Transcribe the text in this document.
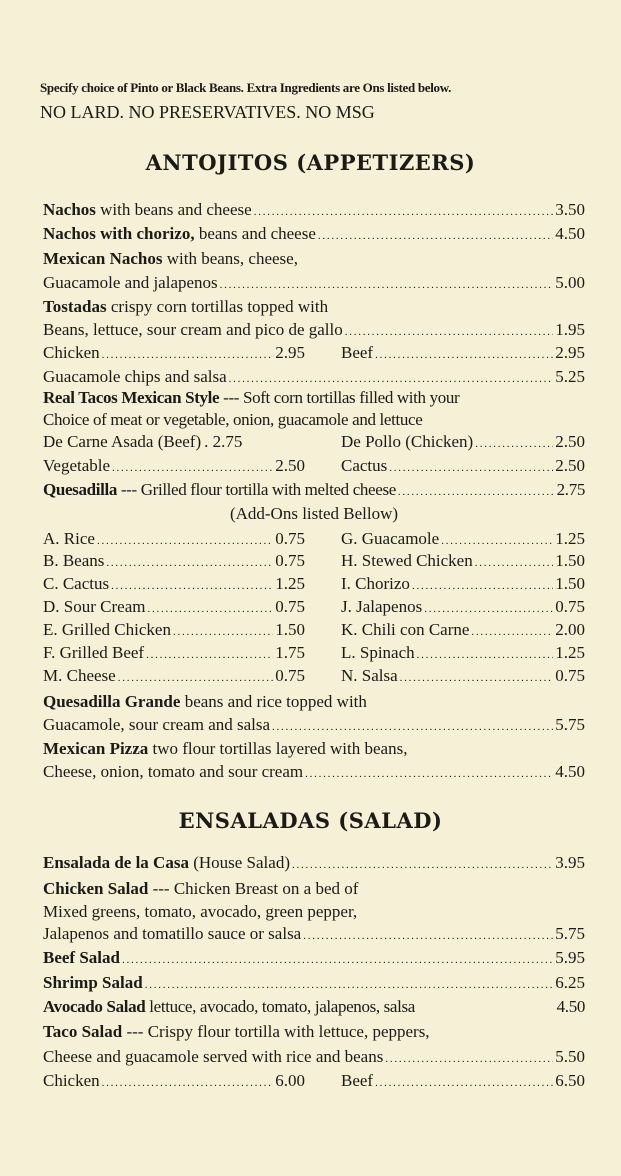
Specify choice of Pinto or Black Beans. Extra Ingredients are Ons listed below.
NO LARD. NO PRESERVATIVES. NO MSG
ANTOJITOS (APPETIZERS)
Nachos with beans and cheese . . .	3.50
Nachos with chorizo, beans and cheese . . .	4.50
Mexican Nachos with beans, cheese,
Guacamole and jalapenos . . .	5.00
Tostadas crispy corn tortillas topped with
Beans, lettuce, sour cream and pico de gallo . . .	1.95
Chicken . . .	2.95 Beef . . .	2.95
Guacamole chips and salsa . . .	5.25
Real Tacos Mexican Style --- Soft corn tortillas filled with your
Choice of meat or vegetable, onion, guacamole and lettuce
De Carne Asada (Beef) . 2.75	De Pollo (Chicken) . . .	2.50
Vegetable . . .	2.50 Cactus . . .	2.50
Quesadilla --- Grilled flour tortilla with melted cheese . . .	2.75
(Add-Ons listed Bellow)
A. Rice . . .	0.75 G. Guacamole . . .	1.25
B. Beans . . .	0.75 H. Stewed Chicken . . .	1.50
C. Cactus . . .	1.25 I. Chorizo . . .	1.50
D. Sour Cream . . .	0.75 J. Jalapenos . . .	0.75
E. Grilled Chicken . . .	1.50 K. Chili con Carne . . .	2.00
F. Grilled Beef . . .	1.75 L. Spinach . . .	1.25
M. Cheese . . .	0.75 N. Salsa . . .	0.75
Quesadilla Grande beans and rice topped with
Guacamole, sour cream and salsa . . .	5.75
Mexican Pizza two flour tortillas layered with beans,
Cheese, onion, tomato and sour cream . . .	4.50
ENSALADAS (SALAD)
Ensalada de la Casa (House Salad) . . .	3.95
Chicken Salad --- Chicken Breast on a bed of
Mixed greens, tomato, avocado, green pepper,
Jalapenos and tomatillo sauce or salsa . . .	5.75
Beef Salad . . .	5.95
Shrimp Salad . . .	6.25
Avocado Salad lettuce, avocado, tomato, jalapenos, salsa	4.50
Taco Salad --- Crispy flour tortilla with lettuce, peppers,
Cheese and guacamole served with rice and beans . . .	5.50
Chicken . . .	6.00 Beef . . .	6.50
